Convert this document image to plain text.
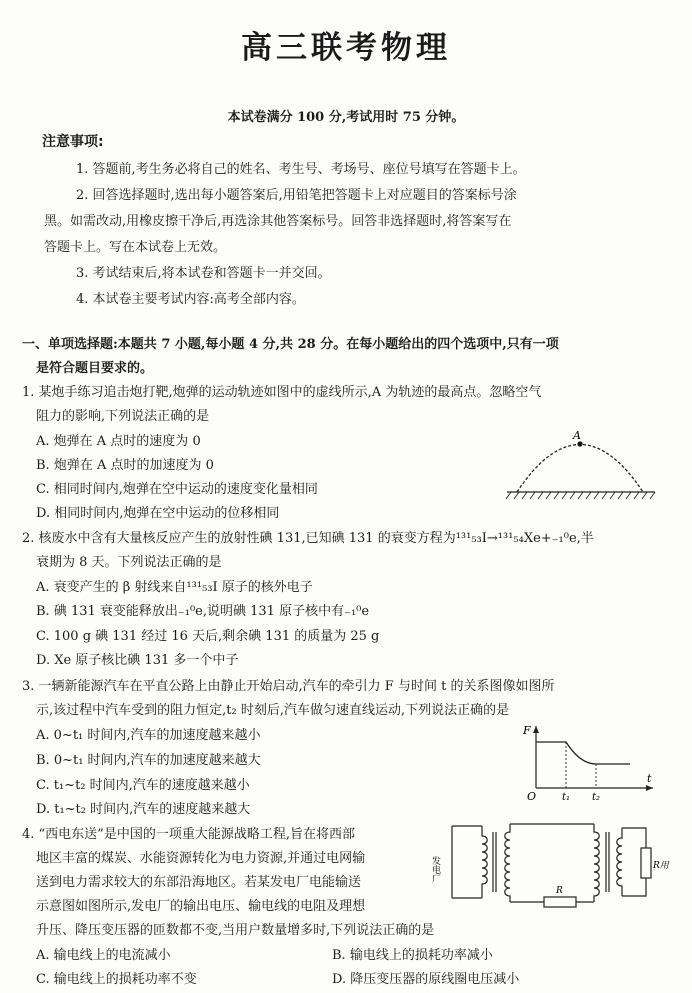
高三联考物理
本试卷满分 100 分,考试用时 75 分钟。
注意事项:
1. 答题前,考生务必将自己的姓名、考生号、考场号、座位号填写在答题卡上。
2. 回答选择题时,选出每小题答案后,用铅笔把答题卡上对应题目的答案标号涂
黑。如需改动,用橡皮擦干净后,再选涂其他答案标号。回答非选择题时,将答案写在
答题卡上。写在本试卷上无效。
3. 考试结束后,将本试卷和答题卡一并交回。
4. 本试卷主要考试内容:高考全部内容。
一、单项选择题:本题共 7 小题,每小题 4 分,共 28 分。在每小题给出的四个选项中,只有一项
是符合题目要求的。
1. 某炮手练习追击炮打靶,炮弹的运动轨迹如图中的虚线所示,A 为轨迹的最高点。忽略空气
阻力的影响,下列说法正确的是
A. 炮弹在 A 点时的速度为 0
B. 炮弹在 A 点时的加速度为 0
C. 相同时间内,炮弹在空中运动的速度变化量相同
D. 相同时间内,炮弹在空中运动的位移相同
A
2. 核废水中含有大量核反应产生的放射性碘 131,已知碘 131 的衰变方程为¹³¹₅₃I→¹³¹₅₄Xe+₋₁⁰e,半
衰期为 8 天。下列说法正确的是
A. 衰变产生的 β 射线来自¹³¹₅₃I 原子的核外电子
B. 碘 131 衰变能释放出₋₁⁰e,说明碘 131 原子核中有₋₁⁰e
C. 100 g 碘 131 经过 16 天后,剩余碘 131 的质量为 25 g
D. Xe 原子核比碘 131 多一个中子
3. 一辆新能源汽车在平直公路上由静止开始启动,汽车的牵引力 F 与时间 t 的关系图像如图所
示,该过程中汽车受到的阻力恒定,t₂ 时刻后,汽车做匀速直线运动,下列说法正确的是
A. 0~t₁ 时间内,汽车的加速度越来越小
B. 0~t₁ 时间内,汽车的加速度越来越大
C. t₁~t₂ 时间内,汽车的速度越来越小
D. t₁~t₂ 时间内,汽车的速度越来越大
F
t
O	t₁ t₂
4. “西电东送”是中国的一项重大能源战略工程,旨在将西部
地区丰富的煤炭、水能资源转化为电力资源,并通过电网输
送到电力需求较大的东部沿海地区。若某发电厂电能输送
示意图如图所示,发电厂的输出电压、输电线的电阻及理想
升压、降压变压器的匝数都不变,当用户数量增多时,下列说法正确的是
A. 输电线上的电流减小	B. 输电线上的损耗功率减小
C. 输电线上的损耗功率不变	D. 降压变压器的原线圈电压减小
发电厂
R
R用
